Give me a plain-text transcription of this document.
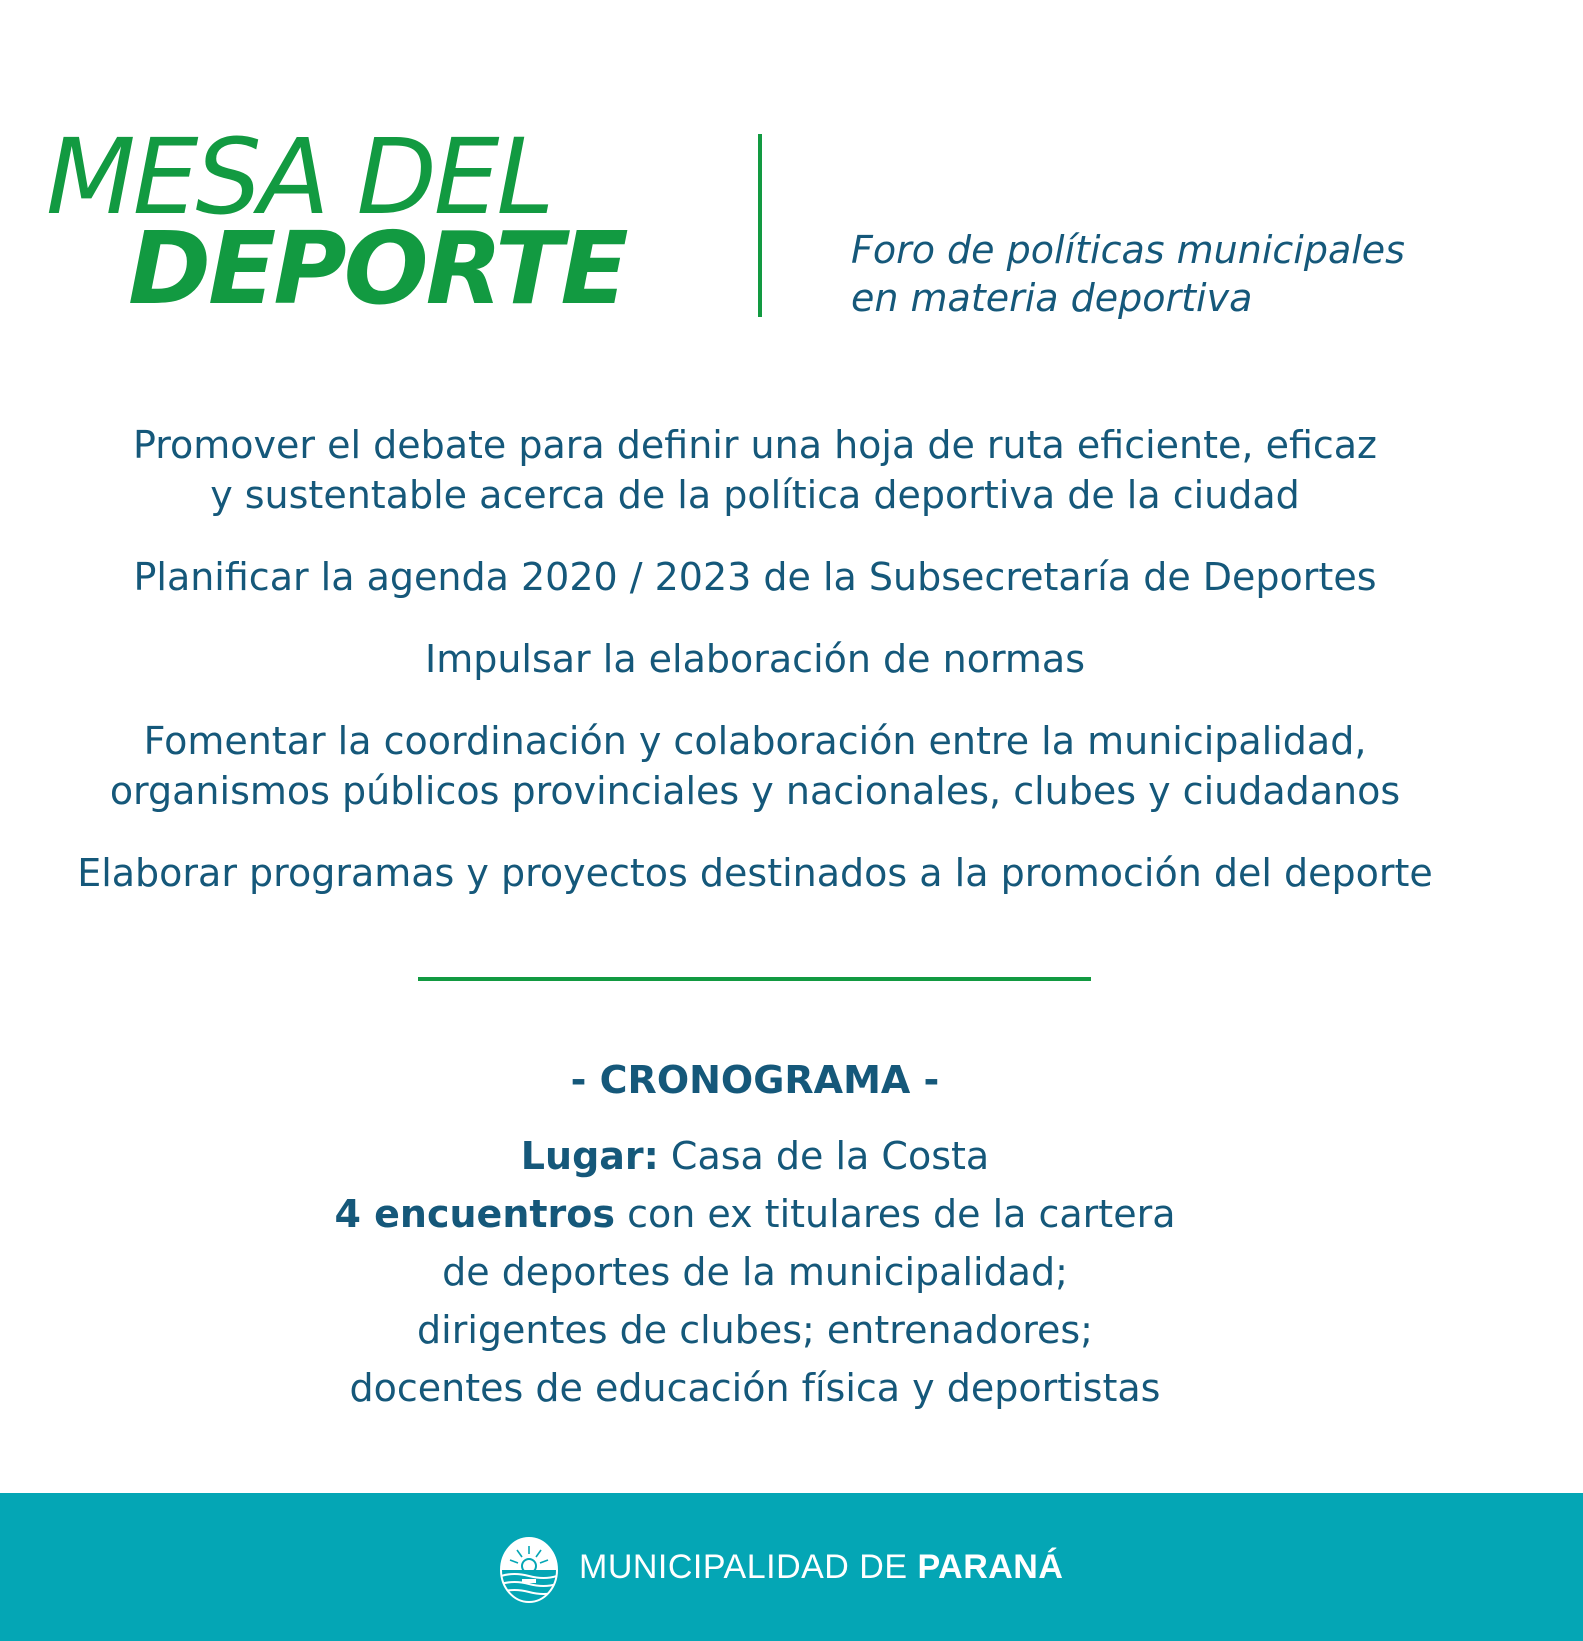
MESA DEL
DEPORTE	Foro de políticas municipales
en materia deportiva
Promover el debate para definir una hoja de ruta eficiente, eficaz
y sustentable acerca de la política deportiva de la ciudad
Planificar la agenda 2020 / 2023 de la Subsecretaría de Deportes
Impulsar la elaboración de normas
Fomentar la coordinación y colaboración entre la municipalidad,
organismos públicos provinciales y nacionales, clubes y ciudadanos
Elaborar programas y proyectos destinados a la promoción del deporte
- CRONOGRAMA -
Lugar: Casa de la Costa
4 encuentros con ex titulares de la cartera
de deportes de la municipalidad;
dirigentes de clubes; entrenadores;
docentes de educación física y deportistas
MUNICIPALIDAD DE PARANÁ
